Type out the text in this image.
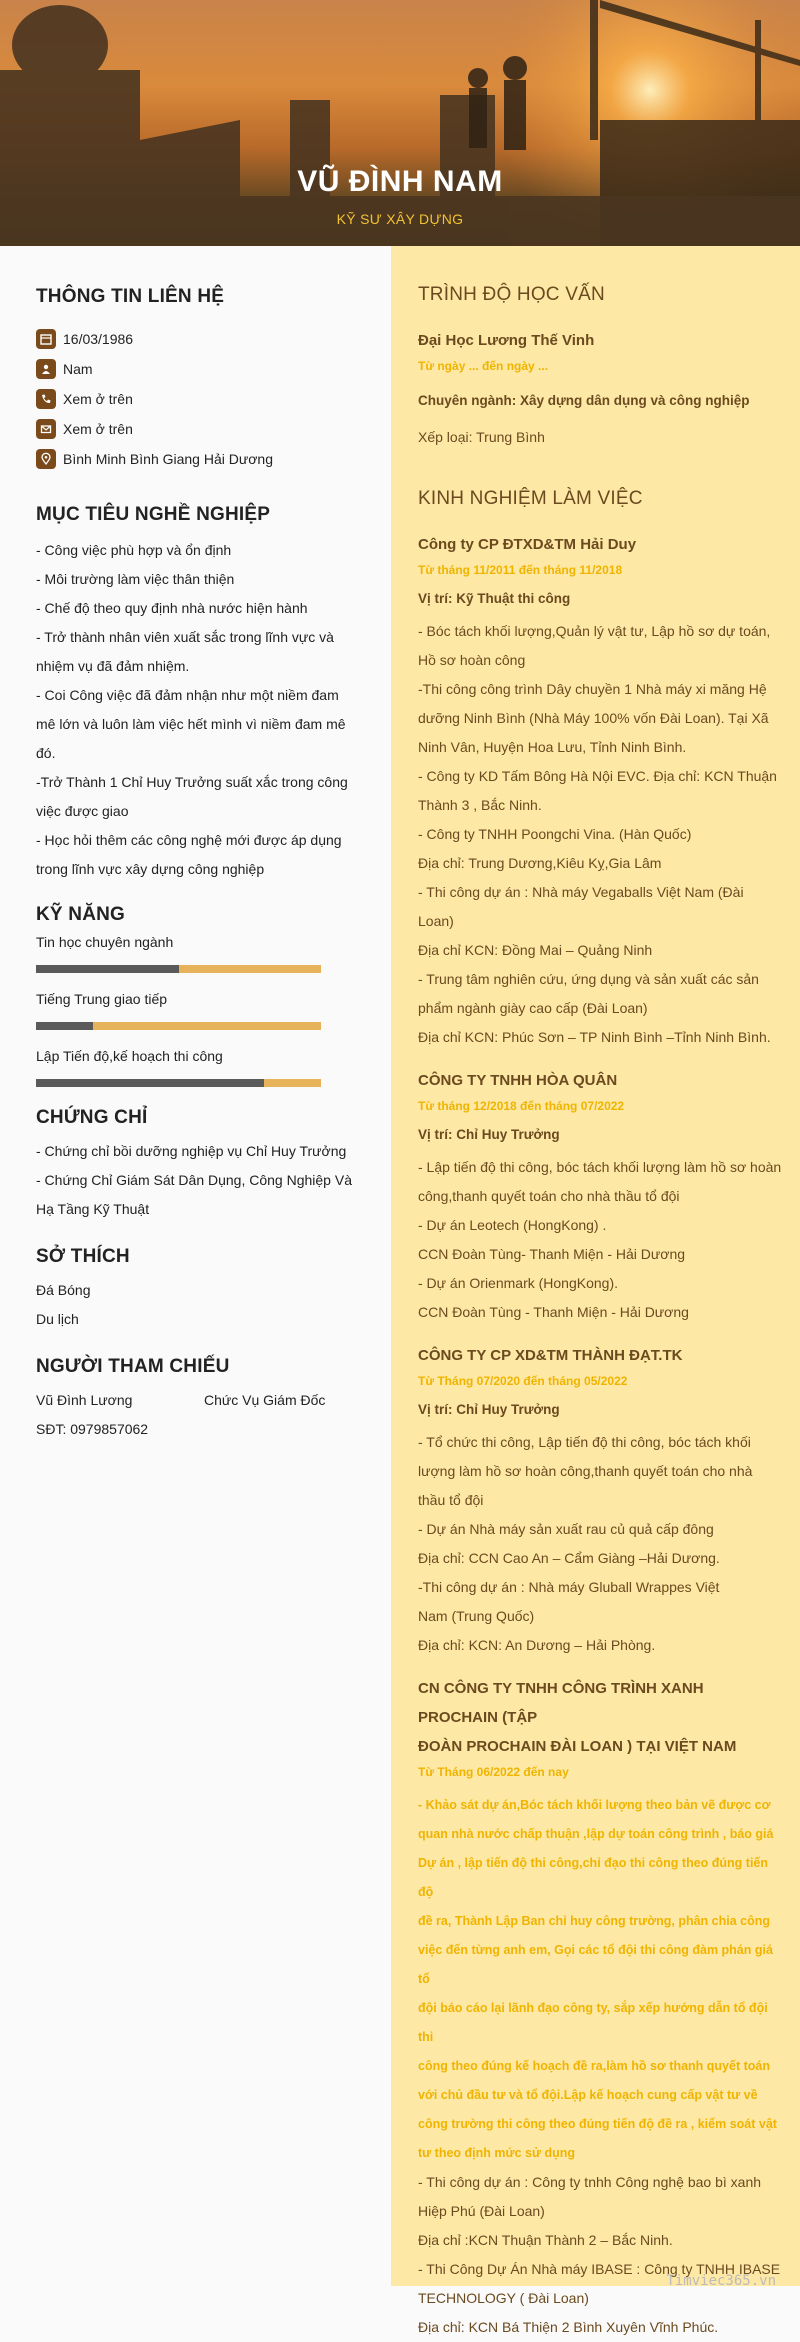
VŨ ĐÌNH NAM
KỸ SƯ XÂY DỰNG
THÔNG TIN LIÊN HỆ
16/03/1986
Nam
Xem ở trên
Xem ở trên
Bình Minh Bình Giang Hải Dương
MỤC TIÊU NGHỀ NGHIỆP
- Công việc phù hợp và ổn định
- Môi trường làm việc thân thiện
- Chế độ theo quy định nhà nước hiện hành
- Trở thành nhân viên xuất sắc trong lĩnh vực và
nhiệm vụ đã đảm nhiệm.
- Coi Công việc đã đảm nhận như một niềm đam
mê lớn và luôn làm việc hết mình vì niềm đam mê
đó.
-Trở Thành 1 Chỉ Huy Trưởng suất xắc trong công
việc được giao
- Học hỏi thêm các công nghệ mới được áp dụng
trong lĩnh vực xây dựng công nghiệp
KỸ NĂNG
Tin học chuyên ngành
Tiếng Trung giao tiếp
Lập Tiến độ,kế hoạch thi công
CHỨNG CHỈ
- Chứng chỉ bồi dưỡng nghiệp vụ Chỉ Huy Trưởng
- Chứng Chỉ Giám Sát Dân Dụng, Công Nghiệp Và
Hạ Tầng Kỹ Thuật
SỞ THÍCH
Đá Bóng
Du lịch
NGƯỜI THAM CHIẾU
Vũ Đình Lương	Chức Vụ Giám Đốc
SĐT: 0979857062
TRÌNH ĐỘ HỌC VẤN
Đại Học Lương Thế Vinh
Từ ngày ... đến ngày ...
Chuyên ngành: Xây dựng dân dụng và công nghiệp
Xếp loại: Trung Bình
KINH NGHIỆM LÀM VIỆC
Công ty CP ĐTXD&TM Hải Duy
Từ tháng 11/2011 đến tháng 11/2018
Vị trí: Kỹ Thuật thi công
- Bóc tách khối lượng,Quản lý vật tư, Lập hồ sơ dự toán,
Hồ sơ hoàn công
-Thi công công trình Dây chuyền 1 Nhà máy xi măng Hệ
dưỡng Ninh Bình (Nhà Máy 100% vốn Đài Loan). Tại Xã
Ninh Vân, Huyện Hoa Lưu, Tỉnh Ninh Bình.
- Công ty KD Tấm Bông Hà Nội EVC. Địa chỉ: KCN Thuận
Thành 3 , Bắc Ninh.
- Công ty TNHH Poongchi Vina. (Hàn Quốc)
Địa chỉ: Trung Dương,Kiêu Kỵ,Gia Lâm
- Thi công dự án : Nhà máy Vegaballs Việt Nam (Đài
Loan)
Địa chỉ KCN: Đồng Mai – Quảng Ninh
- Trung tâm nghiên cứu, ứng dụng và sản xuất các sản
phẩm ngành giày cao cấp (Đài Loan)
Địa chỉ KCN: Phúc Sơn – TP Ninh Bình –Tỉnh Ninh Bình.
CÔNG TY TNHH HÒA QUÂN
Từ tháng 12/2018 đến tháng 07/2022
Vị trí: Chỉ Huy Trưởng
- Lập tiến độ thi công, bóc tách khối lượng làm hồ sơ hoàn
công,thanh quyết toán cho nhà thầu tổ đội
- Dự án Leotech (HongKong) .
CCN Đoàn Tùng- Thanh Miện - Hải Dương
- Dự án Orienmark (HongKong).
CCN Đoàn Tùng - Thanh Miện - Hải Dương
CÔNG TY CP XD&TM THÀNH ĐẠT.TK
Từ Tháng 07/2020 đến tháng 05/2022
Vị trí: Chỉ Huy Trưởng
- Tổ chức thi công, Lập tiến độ thi công, bóc tách khối
lượng làm hồ sơ hoàn công,thanh quyết toán cho nhà
thầu tổ đội
- Dự án Nhà máy sản xuất rau củ quả cấp đông
Địa chỉ: CCN Cao An – Cẩm Giàng –Hải Dương.
-Thi công dự án : Nhà máy Gluball Wrappes Việt
Nam (Trung Quốc)
Địa chỉ: KCN: An Dương – Hải Phòng.
CN CÔNG TY TNHH CÔNG TRÌNH XANH PROCHAIN (TẬP
ĐOÀN PROCHAIN ĐÀI LOAN ) TẠI VIỆT NAM
Từ Tháng 06/2022 đến nay
- Khảo sát dự án,Bóc tách khối lượng theo bản vẽ được cơ
quan nhà nước chấp thuận ,lập dự toán công trình , báo giá
Dự án , lập tiến độ thi công,chỉ đạo thi công theo đúng tiến độ
đề ra, Thành Lập Ban chỉ huy công trường, phân chia công
việc đến từng anh em, Gọi các tổ đội thi công đàm phán giá tổ
đội báo cáo lại lãnh đạo công ty, sắp xếp hướng dẫn tổ đội thi
công theo đúng kế hoạch đề ra,làm hồ sơ thanh quyết toán
với chủ đầu tư và tổ đội.Lập kế hoạch cung cấp vật tư về
công trường thi công theo đúng tiến độ đề ra , kiểm soát vật
tư theo định mức sử dụng
- Thi công dự án : Công ty tnhh Công nghệ bao bì xanh
Hiệp Phú (Đài Loan)
Địa chỉ :KCN Thuận Thành 2 – Bắc Ninh.
- Thi Công Dự Án Nhà máy IBASE : Công ty TNHH IBASE
TECHNOLOGY ( Đài Loan)
Địa chỉ: KCN Bá Thiện 2 Bình Xuyên Vĩnh Phúc.
Timviec365.vn
